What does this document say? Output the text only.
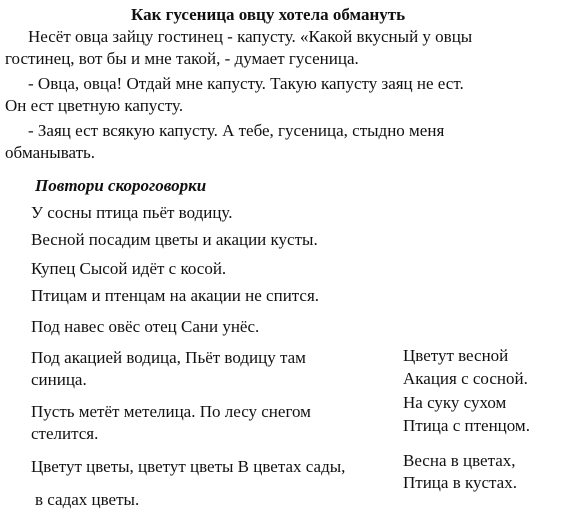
Как гусеница овцу хотела обмануть
Несёт овца зайцу гостинец - капусту. «Какой вкусный у овцы
гостинец, вот бы и мне такой, - думает гусеница.
- Овца, овца! Отдай мне капусту. Такую капусту заяц не ест.
Он ест цветную капусту.
- Заяц ест всякую капусту. А тебе, гусеница, стыдно меня
обманывать.
Повтори скороговорки
У сосны птица пьёт водицу.
Весной посадим цветы и акации кусты.
Купец Сысой идёт с косой.
Птицам и птенцам на акации не спится.
Под навес овёс отец Сани унёс.
Под акацией водица, Пьёт водицу там
синица.
Пусть метёт метелица. По лесу снегом
стелится.
Цветут цветы, цветут цветы В цветах сады,
в садах цветы.
Цветут весной
Акация с сосной.
На суку сухом
Птица с птенцом.
Весна в цветах,
Птица в кустах.
